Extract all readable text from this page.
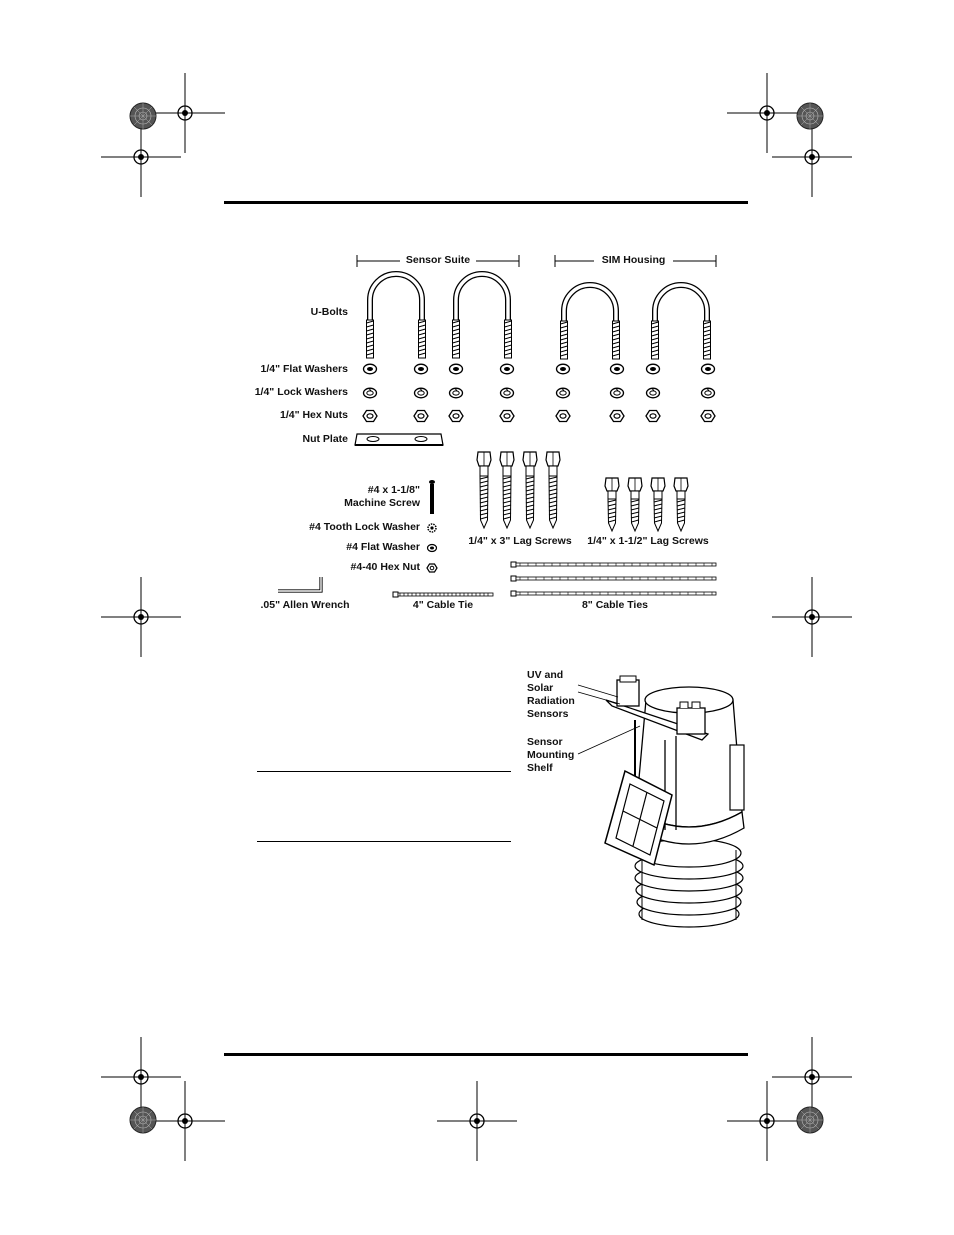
Sensor Suite	SIM Housing
U-Bolts
1/4" Flat Washers
1/4" Lock Washers
1/4" Hex Nuts
Nut Plate
#4 x 1-1/8"
Machine Screw
#4 Tooth Lock Washer
#4 Flat Washer
#4-40 Hex Nut
1/4" x 3" Lag Screws	1/4" x 1-1/2" Lag Screws
.05" Allen Wrench	4" Cable Tie	8" Cable Ties
UV and
Solar
Radiation
Sensors
Sensor
Mounting
Shelf
